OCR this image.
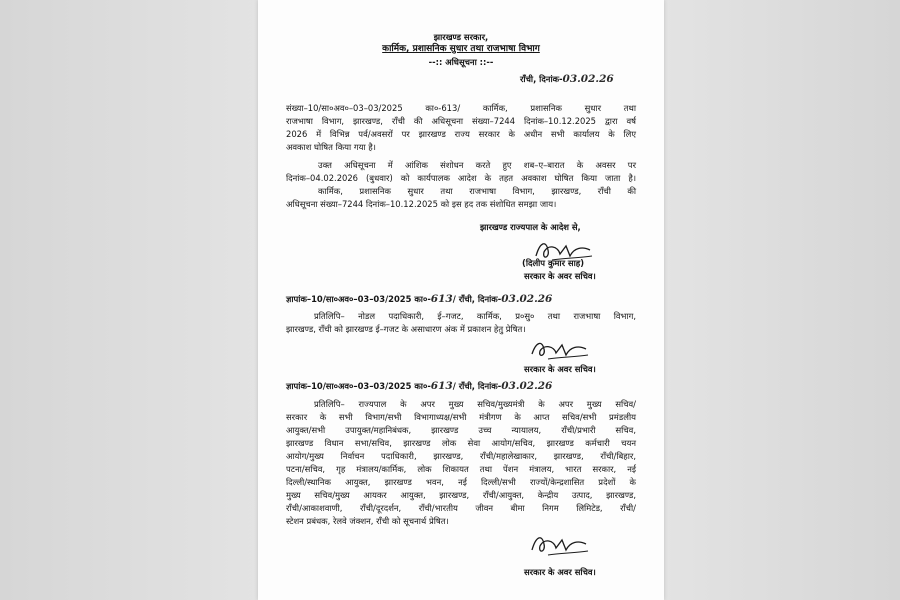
झारखण्ड सरकार,
कार्मिक, प्रशासनिक सुधार तथा राजभाषा विभाग
--:: अधिसूचना ::--
राँची, दिनांक-03.02.26
संख्या–10/सा०अव०–03–03/2025 का०-613/ कार्मिक, प्रशासनिक सुधार तथा
राजभाषा विभाग, झारखण्ड, राँची की अधिसूचना संख्या–7244 दिनांक–10.12.2025 द्वारा वर्ष
2026 में विभिन्न पर्व/अवसरों पर झारखण्ड राज्य सरकार के अधीन सभी कार्यालय के लिए
अवकाश घोषित किया गया है।
उक्त अधिसूचना में आंशिक संशोधन करते हुए शब–ए–बारात के अवसर पर
दिनांक–04.02.2026 (बुधवार) को कार्यपालक आदेश के तहत अवकाश घोषित किया जाता है।
कार्मिक, प्रशासनिक सुधार तथा राजभाषा विभाग, झारखण्ड, राँची की
अधिसूचना संख्या–7244 दिनांक–10.12.2025 को इस हद तक संशोधित समझा जाय।
झारखण्ड राज्यपाल के आदेश से,
(दिलीप कुमार साह)
सरकार के अवर सचिव।
ज्ञापांक–10/सा०अव०–03–03/2025 का०-613/ राँची, दिनांक-03.02.26
प्रतिलिपि– नोडल पदाधिकारी, ई–गजट, कार्मिक, प्र०सु० तथा राजभाषा विभाग,
झारखण्ड, राँची को झारखण्ड ई–गजट के असाधारण अंक में प्रकाशन हेतु प्रेषित।
सरकार के अवर सचिव।
ज्ञापांक–10/सा०अव०–03–03/2025 का०-613/ राँची, दिनांक-03.02.26
प्रतिलिपि– राज्यपाल के अपर मुख्य सचिव/मुख्यमंत्री के अपर मुख्य सचिव/
सरकार के सभी विभाग/सभी विभागाध्यक्ष/सभी मंत्रीगण के आप्त सचिव/सभी प्रमंडलीय
आयुक्त/सभी उपायुक्त/महानिबंधक, झारखण्ड उच्च न्यायालय, राँची/प्रभारी सचिव,
झारखण्ड विधान सभा/सचिव, झारखण्ड लोक सेवा आयोग/सचिव, झारखण्ड कर्मचारी चयन
आयोग/मुख्य निर्वाचन पदाधिकारी, झारखण्ड, राँची/महालेखाकार, झारखण्ड, राँची/बिहार,
पटना/सचिव, गृह मंत्रालय/कार्मिक, लोक शिकायत तथा पेंशन मंत्रालय, भारत सरकार, नई
दिल्ली/स्थानिक आयुक्त, झारखण्ड भवन, नई दिल्ली/सभी राज्यों/केन्द्रशासित प्रदेशों के
मुख्य सचिव/मुख्य आयकर आयुक्त, झारखण्ड, राँची/आयुक्त, केन्द्रीय उत्पाद, झारखण्ड,
राँची/आकाशवाणी, राँची/दूरदर्शन, राँची/भारतीय जीवन बीमा निगम लिमिटेड, राँची/
स्टेशन प्रबंधक, रेलवे जंक्शन, राँची को सूचनार्थ प्रेषित।
सरकार के अवर सचिव।
